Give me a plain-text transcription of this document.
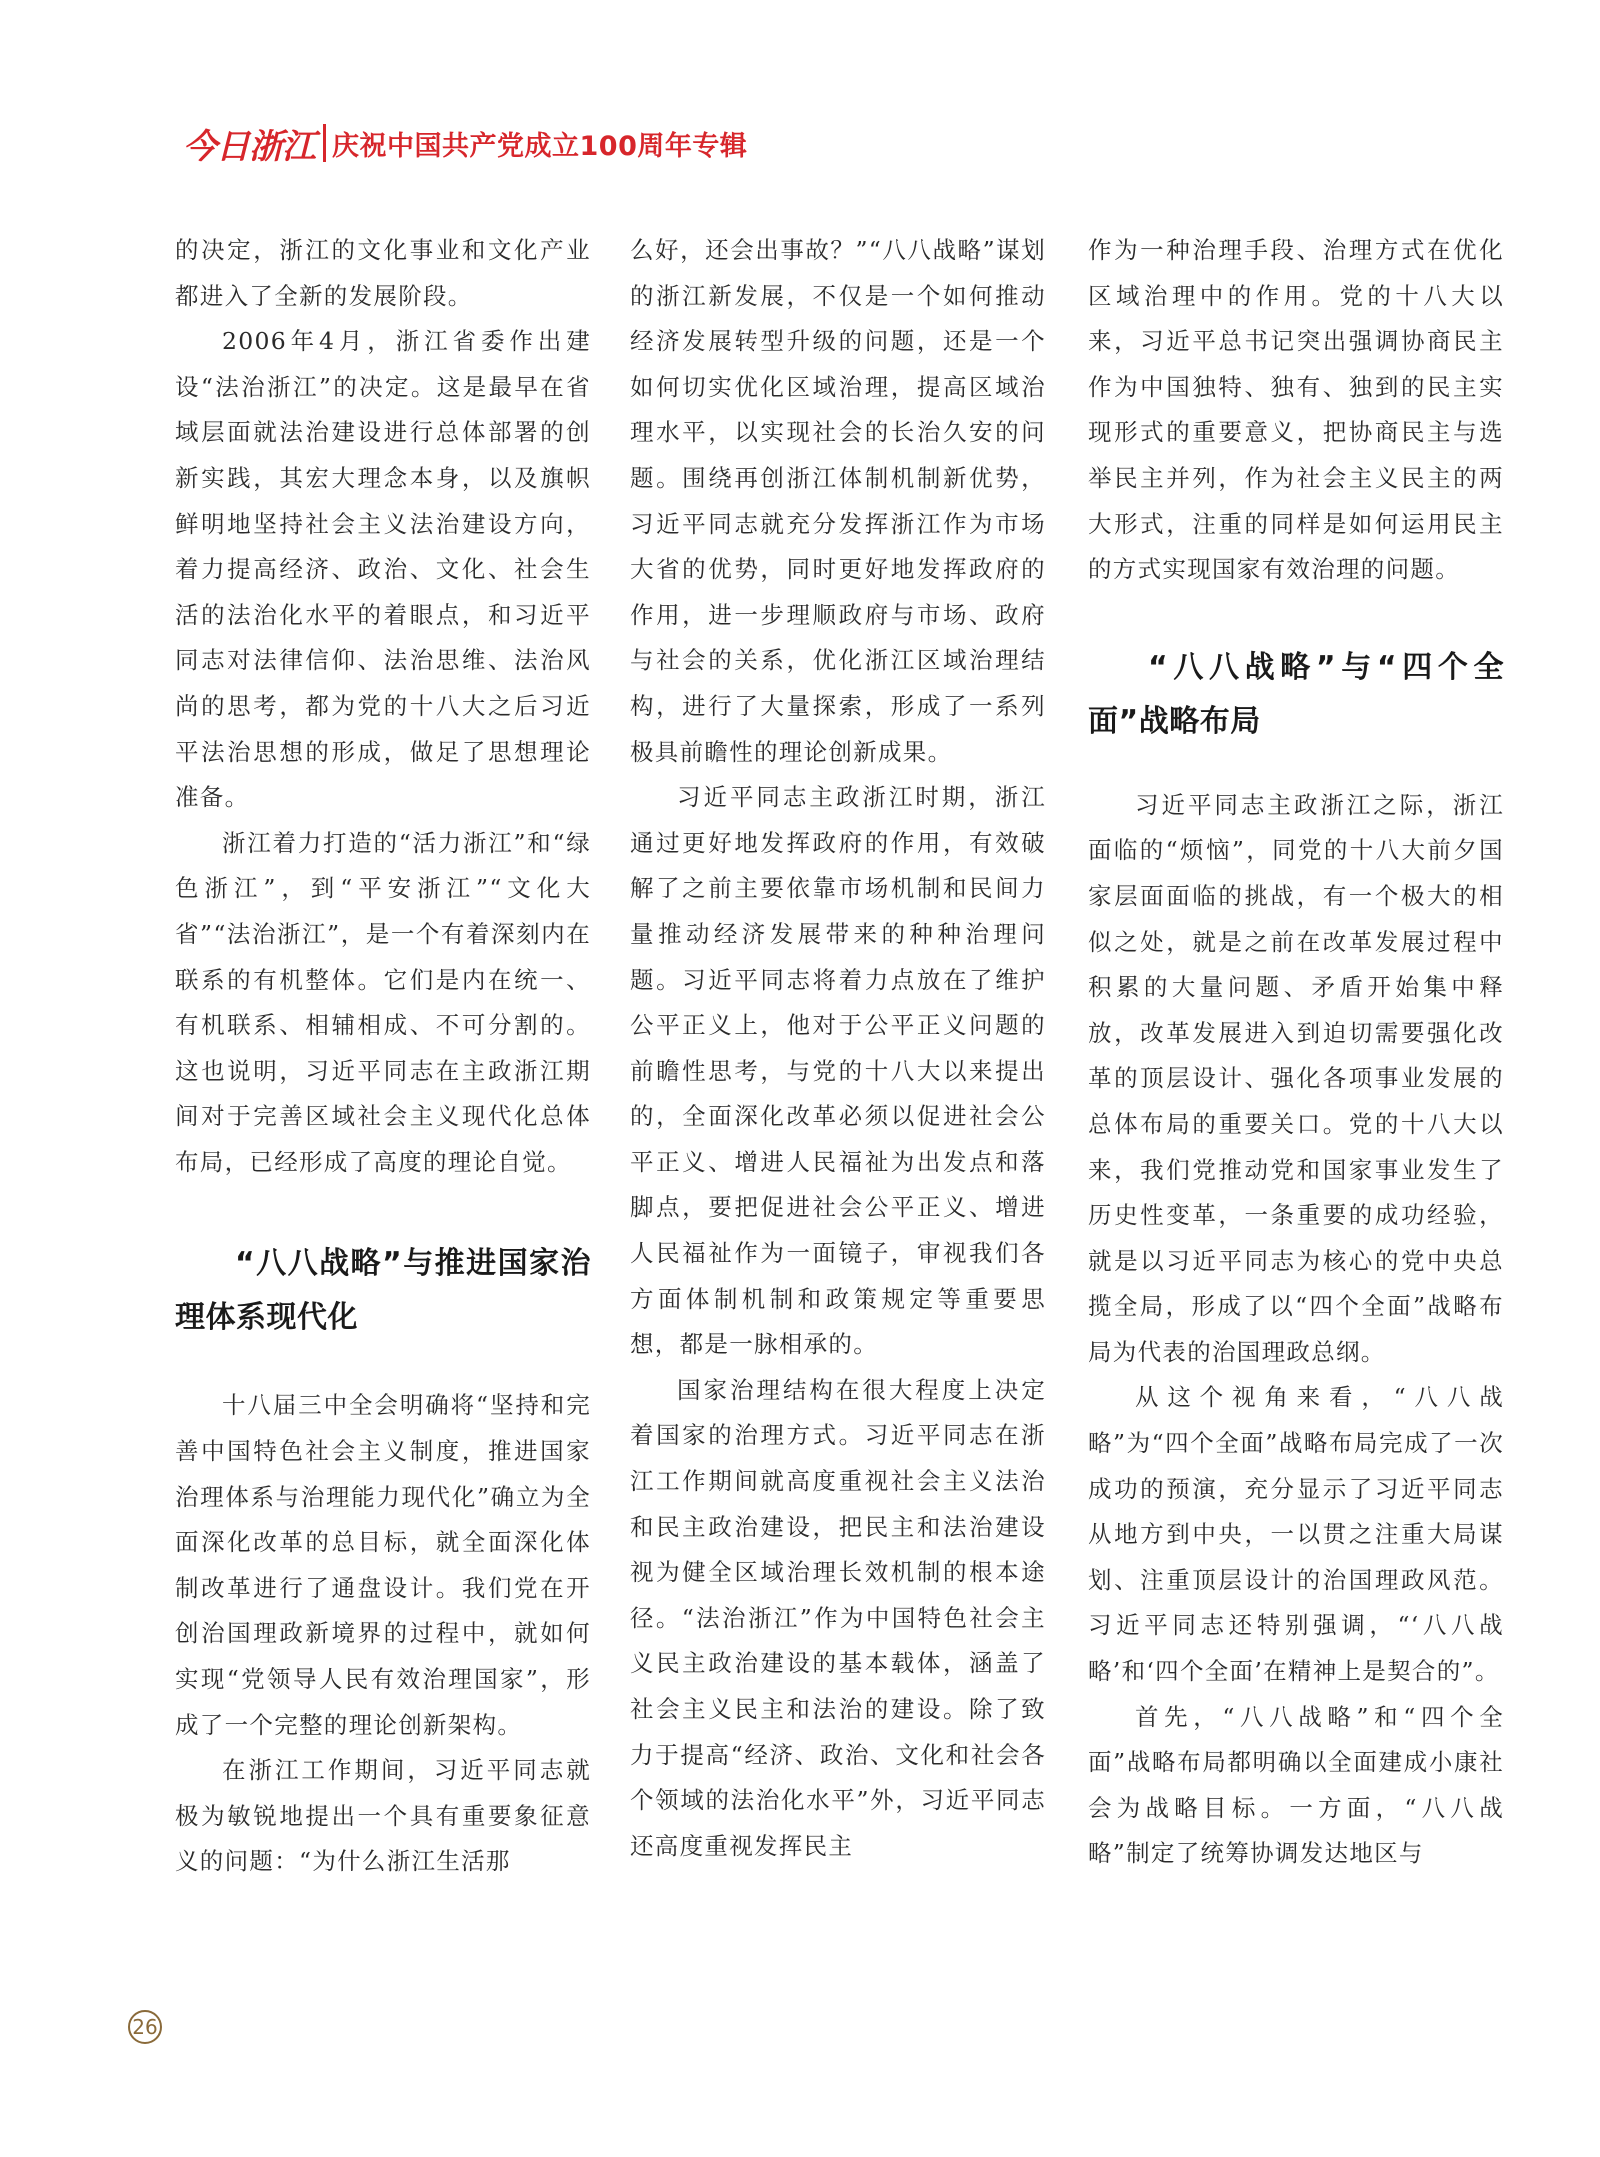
今日浙江 庆祝中国共产党成立100周年专辑

的决定，浙江的文化事业和文化产业都进入了全新的发展阶段。

2006年4月，浙江省委作出建设“法治浙江”的决定。这是最早在省域层面就法治建设进行总体部署的创新实践，其宏大理念本身，以及旗帜鲜明地坚持社会主义法治建设方向，着力提高经济、政治、文化、社会生活的法治化水平的着眼点，和习近平同志对法律信仰、法治思维、法治风尚的思考，都为党的十八大之后习近平法治思想的形成，做足了思想理论准备。

浙江着力打造的“活力浙江”和“绿色浙江”，到“平安浙江”“文化大省”“法治浙江”，是一个有着深刻内在联系的有机整体。它们是内在统一、有机联系、相辅相成、不可分割的。这也说明，习近平同志在主政浙江期间对于完善区域社会主义现代化总体布局，已经形成了高度的理论自觉。

“八八战略”与推进国家治理体系现代化

十八届三中全会明确将“坚持和完善中国特色社会主义制度，推进国家治理体系与治理能力现代化”确立为全面深化改革的总目标，就全面深化体制改革进行了通盘设计。我们党在开创治国理政新境界的过程中，就如何实现“党领导人民有效治理国家”，形成了一个完整的理论创新架构。

在浙江工作期间，习近平同志就极为敏锐地提出一个具有重要象征意义的问题：“为什么浙江生活那

么好，还会出事故？”“八八战略”谋划的浙江新发展，不仅是一个如何推动经济发展转型升级的问题，还是一个如何切实优化区域治理，提高区域治理水平，以实现社会的长治久安的问题。围绕再创浙江体制机制新优势，习近平同志就充分发挥浙江作为市场大省的优势，同时更好地发挥政府的作用，进一步理顺政府与市场、政府与社会的关系，优化浙江区域治理结构，进行了大量探索，形成了一系列极具前瞻性的理论创新成果。

习近平同志主政浙江时期，浙江通过更好地发挥政府的作用，有效破解了之前主要依靠市场机制和民间力量推动经济发展带来的种种治理问题。习近平同志将着力点放在了维护公平正义上，他对于公平正义问题的前瞻性思考，与党的十八大以来提出的，全面深化改革必须以促进社会公平正义、增进人民福祉为出发点和落脚点，要把促进社会公平正义、增进人民福祉作为一面镜子，审视我们各方面体制机制和政策规定等重要思想，都是一脉相承的。

国家治理结构在很大程度上决定着国家的治理方式。习近平同志在浙江工作期间就高度重视社会主义法治和民主政治建设，把民主和法治建设视为健全区域治理长效机制的根本途径。“法治浙江”作为中国特色社会主义民主政治建设的基本载体，涵盖了社会主义民主和法治的建设。除了致力于提高“经济、政治、文化和社会各个领域的法治化水平”外，习近平同志还高度重视发挥民主

作为一种治理手段、治理方式在优化区域治理中的作用。党的十八大以来，习近平总书记突出强调协商民主作为中国独特、独有、独到的民主实现形式的重要意义，把协商民主与选举民主并列，作为社会主义民主的两大形式，注重的同样是如何运用民主的方式实现国家有效治理的问题。

“八八战略”与“四个全面”战略布局

习近平同志主政浙江之际，浙江面临的“烦恼”，同党的十八大前夕国家层面面临的挑战，有一个极大的相似之处，就是之前在改革发展过程中积累的大量问题、矛盾开始集中释放，改革发展进入到迫切需要强化改革的顶层设计、强化各项事业发展的总体布局的重要关口。党的十八大以来，我们党推动党和国家事业发生了历史性变革，一条重要的成功经验，就是以习近平同志为核心的党中央总揽全局，形成了以“四个全面”战略布局为代表的治国理政总纲。

从这个视角来看，“八八战略”为“四个全面”战略布局完成了一次成功的预演，充分显示了习近平同志从地方到中央，一以贯之注重大局谋划、注重顶层设计的治国理政风范。习近平同志还特别强调，“‘八八战略’和‘四个全面’在精神上是契合的”。

首先，“八八战略”和“四个全面”战略布局都明确以全面建成小康社会为战略目标。一方面，“八八战略”制定了统筹协调发达地区与

26
